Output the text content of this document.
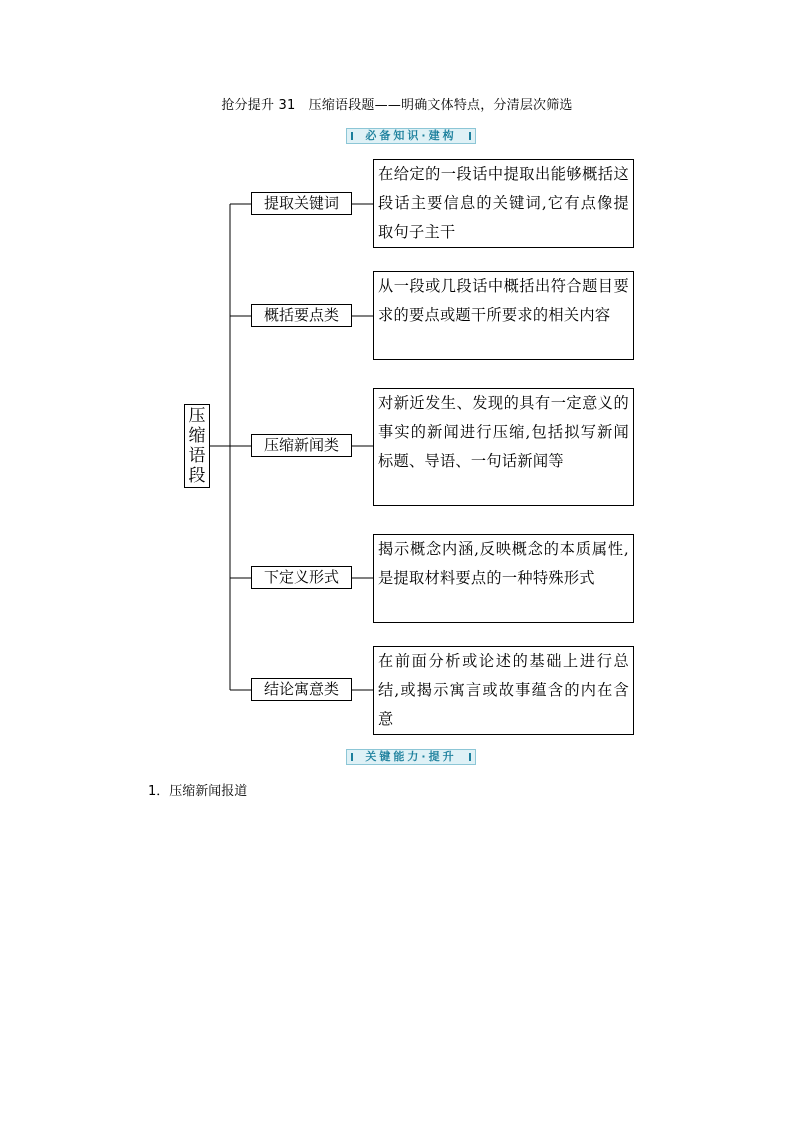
抢分提升 31　压缩语段题——明确文体特点，分清层次筛选
必备知识·建构
压
缩
语
段
提取关键词
在给定的一段话中提取出能够概括这段话主要信息的关键词,它有点像提取句子主干
概括要点类
从一段或几段话中概括出符合题目要求的要点或题干所要求的相关内容
压缩新闻类
对新近发生、发现的具有一定意义的事实的新闻进行压缩,包括拟写新闻标题、导语、一句话新闻等
下定义形式
揭示概念内涵,反映概念的本质属性,是提取材料要点的一种特殊形式
结论寓意类
在前面分析或论述的基础上进行总结,或揭示寓言或故事蕴含的内在含意
关键能力·提升
1．压缩新闻报道
